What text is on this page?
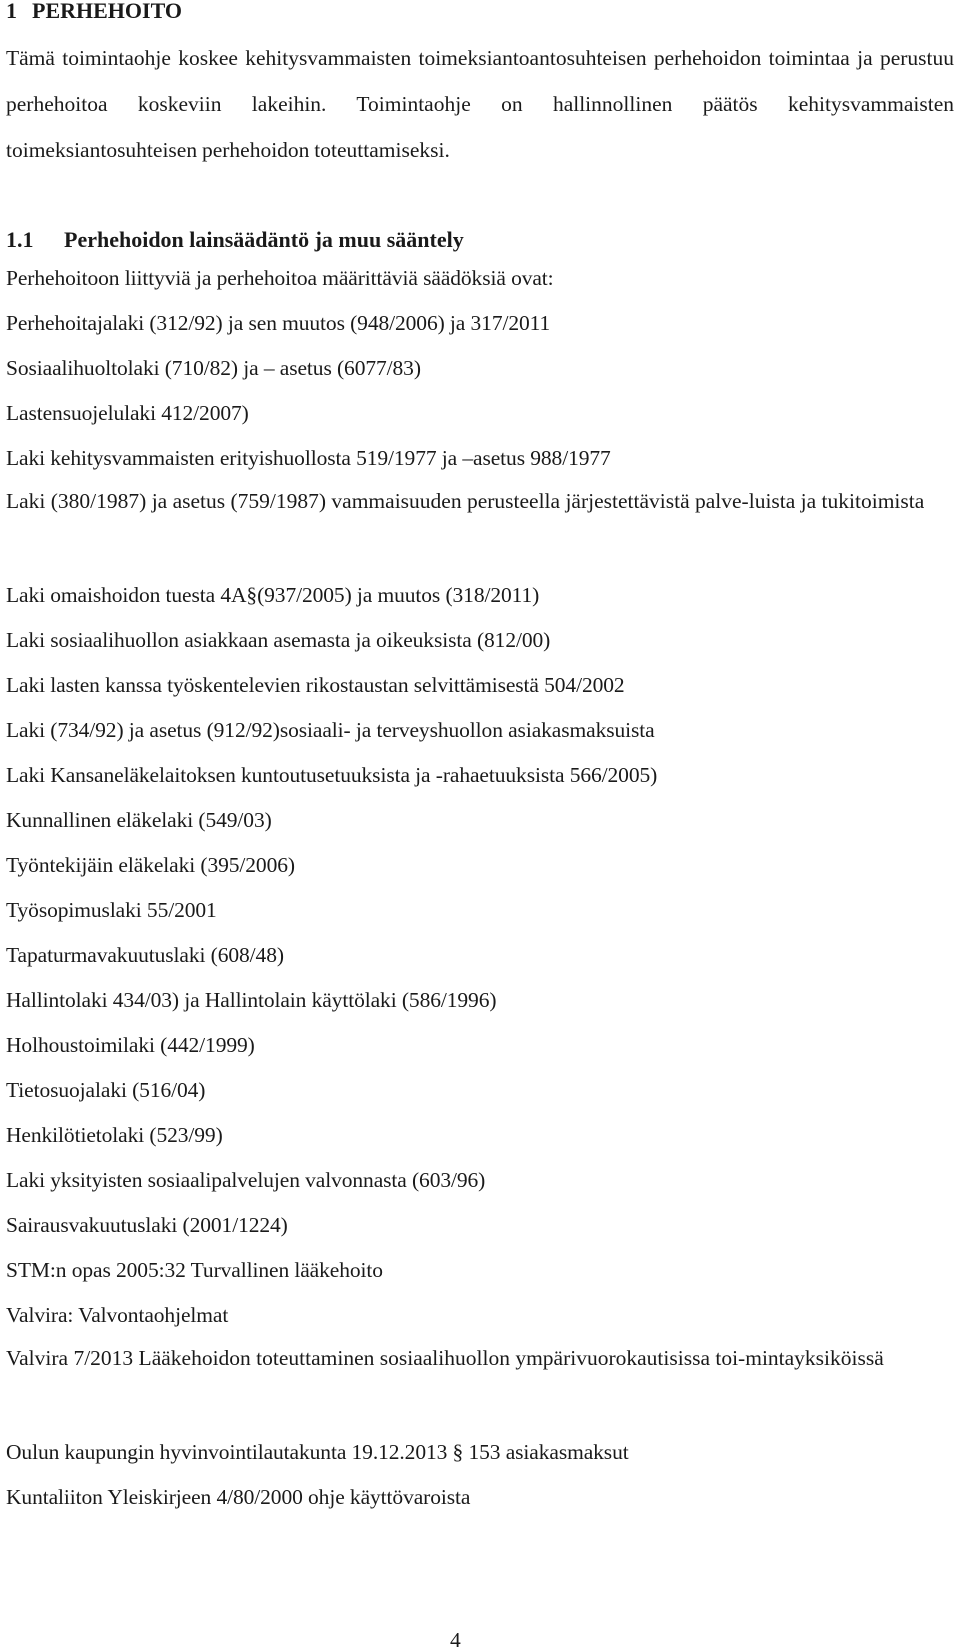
1 PERHEHOITO
Tämä toimintaohje koskee kehitysvammaisten toimeksiantoantosuhteisen perhehoidon toimintaa ja perustuu perhehoitoa koskeviin lakeihin. Toimintaohje on hallinnollinen päätös kehitysvammaisten toimeksiantosuhteisen perhehoidon toteuttamiseksi.
1.1 Perhehoidon lainsäädäntö ja muu sääntely
Perhehoitoon liittyviä ja perhehoitoa määrittäviä säädöksiä ovat:
Perhehoitajalaki (312/92) ja sen muutos (948/2006) ja 317/2011
Sosiaalihuoltolaki (710/82) ja – asetus (6077/83)
Lastensuojelulaki 412/2007)
Laki kehitysvammaisten erityishuollosta 519/1977 ja –asetus 988/1977
Laki (380/1987) ja asetus (759/1987) vammaisuuden perusteella järjestettävistä palve-luista ja tukitoimista
Laki omaishoidon tuesta 4A§(937/2005) ja muutos (318/2011)
Laki sosiaalihuollon asiakkaan asemasta ja oikeuksista (812/00)
Laki lasten kanssa työskentelevien rikostaustan selvittämisestä 504/2002
Laki (734/92) ja asetus (912/92)sosiaali- ja terveyshuollon asiakasmaksuista
Laki Kansaneläkelaitoksen kuntoutusetuuksista ja -rahaetuuksista 566/2005)
Kunnallinen eläkelaki (549/03)
Työntekijäin eläkelaki (395/2006)
Työsopimuslaki 55/2001
Tapaturmavakuutuslaki (608/48)
Hallintolaki 434/03) ja Hallintolain käyttölaki (586/1996)
Holhoustoimilaki (442/1999)
Tietosuojalaki (516/04)
Henkilötietolaki (523/99)
Laki yksityisten sosiaalipalvelujen valvonnasta (603/96)
Sairausvakuutuslaki (2001/1224)
STM:n opas 2005:32 Turvallinen lääkehoito
Valvira: Valvontaohjelmat
Valvira 7/2013 Lääkehoidon toteuttaminen sosiaalihuollon ympärivuorokautisissa toi-mintayksiköissä
Oulun kaupungin hyvinvointilautakunta 19.12.2013 § 153 asiakasmaksut
Kuntaliiton Yleiskirjeen 4/80/2000 ohje käyttövaroista
4
